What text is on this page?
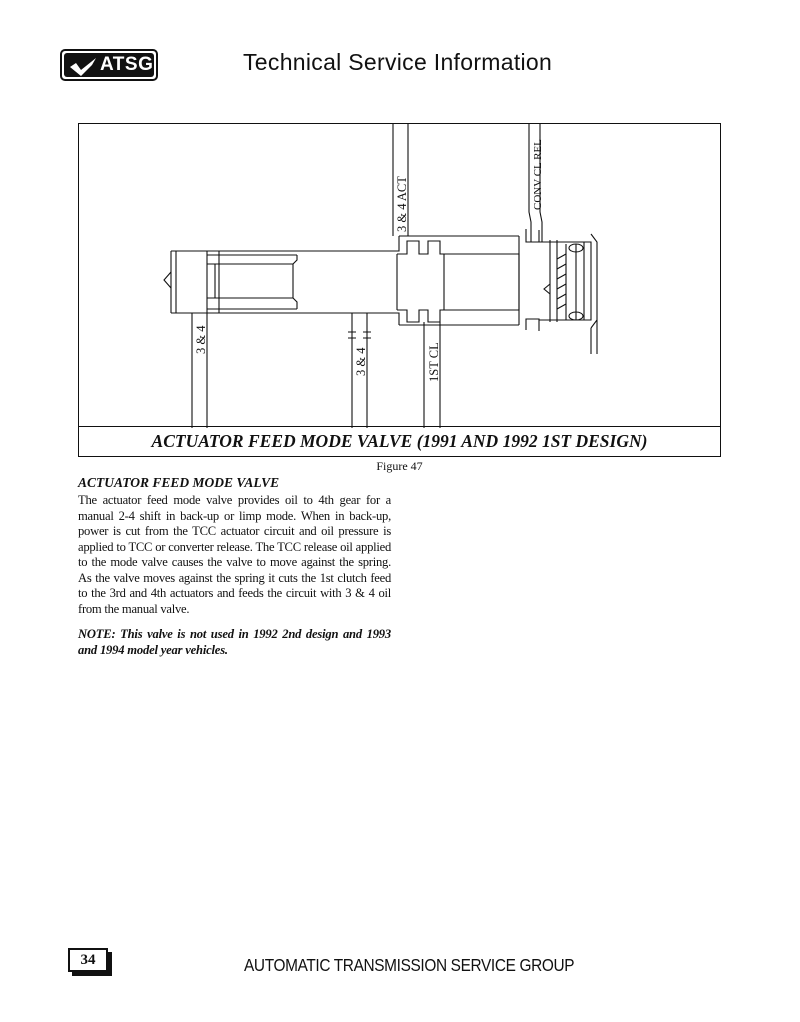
ATSG	Technical Service Information
CONV CL REL
3 & 4 ACT
3 & 4
3 & 4	1ST CL
ACTUATOR FEED MODE VALVE (1991 AND 1992 1ST DESIGN)
Figure 47
ACTUATOR FEED MODE VALVE
The actuator feed mode valve provides oil to 4th gear for a manual 2-4 shift in back-up or limp mode. When in back-up, power is cut from the TCC actuator circuit and oil pressure is applied to TCC or converter release. The TCC release oil applied to the mode valve causes the valve to move against the spring. As the valve moves against the spring it cuts the 1st clutch feed to the 3rd and 4th actuators and feeds the circuit with 3 & 4 oil from the manual valve.
NOTE: This valve is not used in 1992 2nd design and 1993 and 1994 model year vehicles.
34	AUTOMATIC TRANSMISSION SERVICE GROUP
